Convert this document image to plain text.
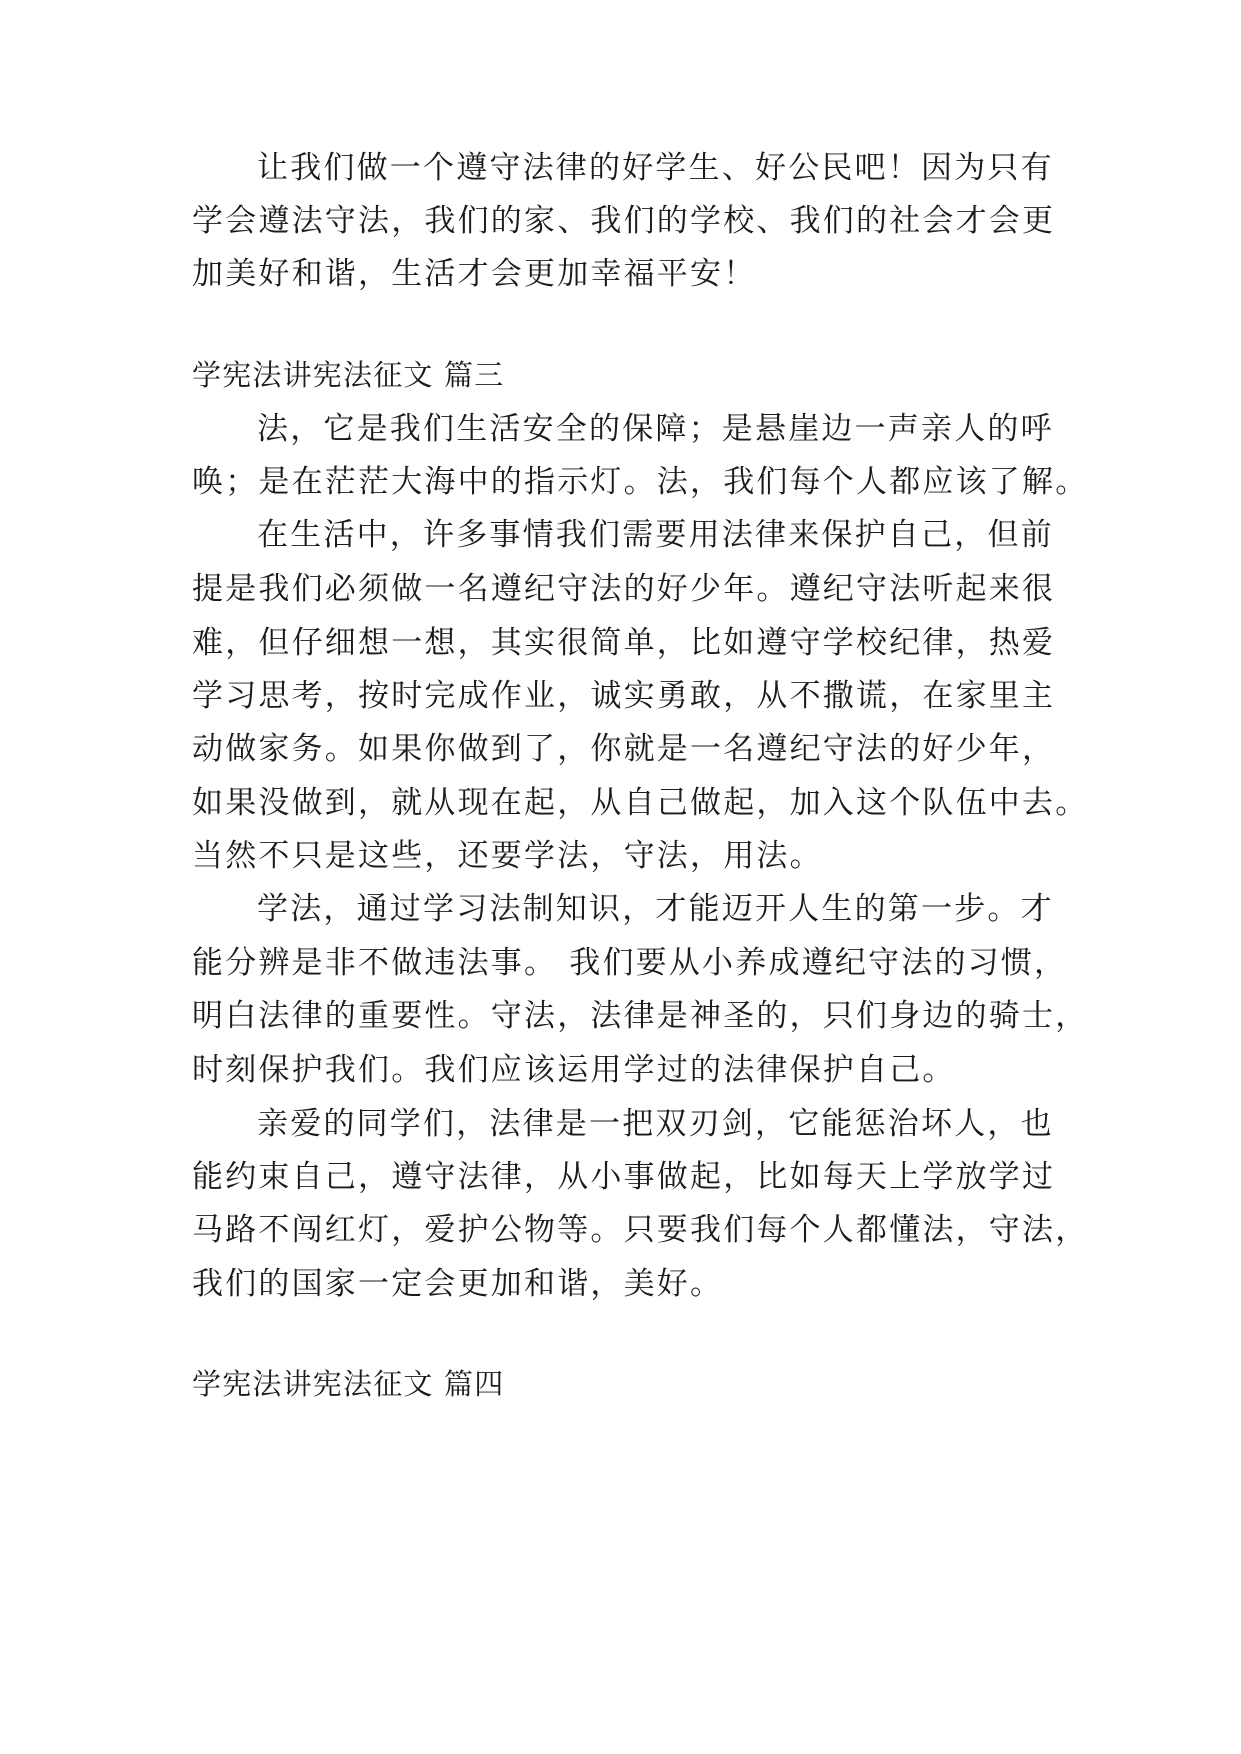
让我们做一个遵守法律的好学生、好公民吧！因为只有
学会遵法守法，我们的家、我们的学校、我们的社会才会更
加美好和谐，生活才会更加幸福平安！
学宪法讲宪法征文 篇三
法，它是我们生活安全的保障；是悬崖边一声亲人的呼
唤；是在茫茫大海中的指示灯。法，我们每个人都应该了解。
在生活中，许多事情我们需要用法律来保护自己，但前
提是我们必须做一名遵纪守法的好少年。遵纪守法听起来很
难，但仔细想一想，其实很简单，比如遵守学校纪律，热爱
学习思考，按时完成作业，诚实勇敢，从不撒谎，在家里主
动做家务。如果你做到了，你就是一名遵纪守法的好少年，
如果没做到，就从现在起，从自己做起，加入这个队伍中去。
当然不只是这些，还要学法，守法，用法。
学法，通过学习法制知识，才能迈开人生的第一步。才
能分辨是非不做违法事。 我们要从小养成遵纪守法的习惯，
明白法律的重要性。守法，法律是神圣的，只们身边的骑士，
时刻保护我们。我们应该运用学过的法律保护自己。
亲爱的同学们，法律是一把双刃剑，它能惩治坏人，也
能约束自己，遵守法律，从小事做起，比如每天上学放学过
马路不闯红灯，爱护公物等。只要我们每个人都懂法，守法，
我们的国家一定会更加和谐，美好。
学宪法讲宪法征文 篇四
